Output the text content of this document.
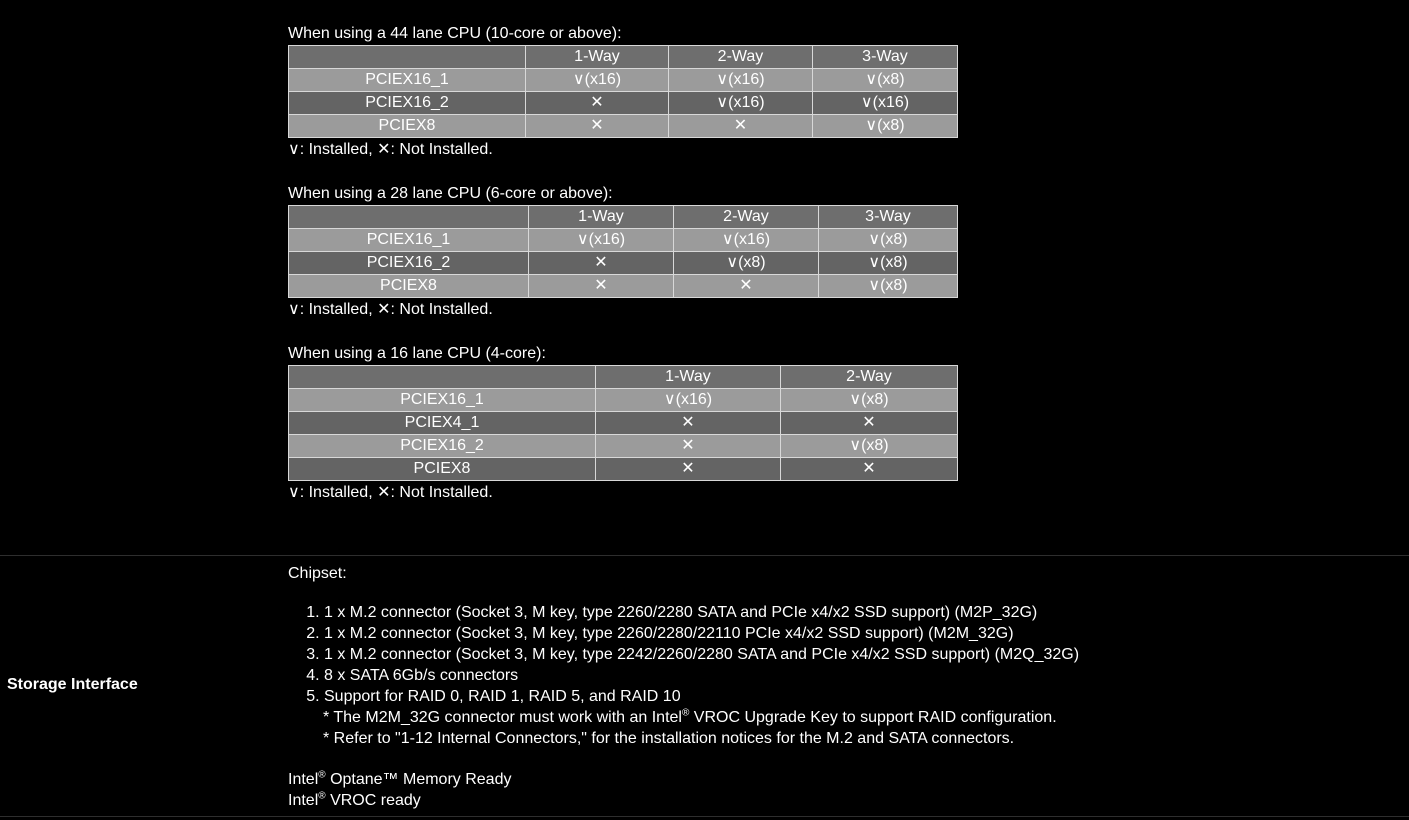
When using a 44 lane CPU (10-core or above):
	1-Way	2-Way	3-Way
PCIEX16_1	∨(x16)	∨(x16)	∨(x8)
PCIEX16_2	✕	∨(x16)	∨(x16)
PCIEX8	✕	✕	∨(x8)
∨: Installed, ✕: Not Installed.
When using a 28 lane CPU (6-core or above):
	1-Way	2-Way	3-Way
PCIEX16_1	∨(x16)	∨(x16)	∨(x8)
PCIEX16_2	✕	∨(x8)	∨(x8)
PCIEX8	✕	✕	∨(x8)
∨: Installed, ✕: Not Installed.
When using a 16 lane CPU (4-core):
	1-Way	2-Way
PCIEX16_1	∨(x16)	∨(x8)
PCIEX4_1	✕	✕
PCIEX16_2	✕	∨(x8)
PCIEX8	✕	✕
∨: Installed, ✕: Not Installed.
Storage Interface
Chipset:
1. 1 x M.2 connector (Socket 3, M key, type 2260/2280 SATA and PCIe x4/x2 SSD support) (M2P_32G)
2. 1 x M.2 connector (Socket 3, M key, type 2260/2280/22110 PCIe x4/x2 SSD support) (M2M_32G)
3. 1 x M.2 connector (Socket 3, M key, type 2242/2260/2280 SATA and PCIe x4/x2 SSD support) (M2Q_32G)
4. 8 x SATA 6Gb/s connectors
5. Support for RAID 0, RAID 1, RAID 5, and RAID 10
* The M2M_32G connector must work with an Intel® VROC Upgrade Key to support RAID configuration.
* Refer to "1-12 Internal Connectors," for the installation notices for the M.2 and SATA connectors.
Intel® Optane™ Memory Ready
Intel® VROC ready
